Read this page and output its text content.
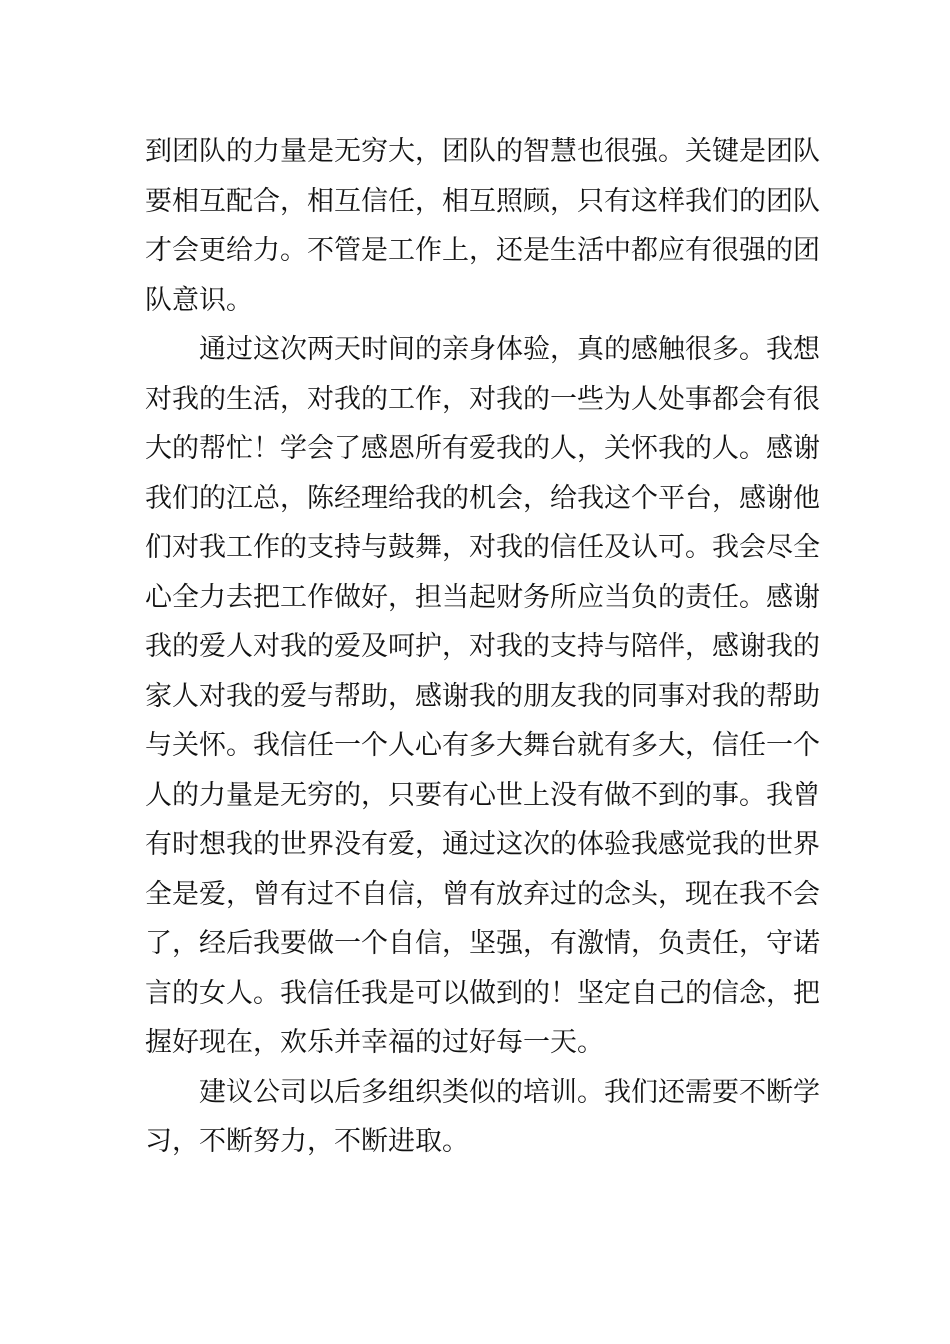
到团队的力量是无穷大，团队的智慧也很强。关键是团队
要相互配合，相互信任，相互照顾，只有这样我们的团队
才会更给力。不管是工作上，还是生活中都应有很强的团
队意识。
通过这次两天时间的亲身体验，真的感触很多。我想
对我的生活，对我的工作，对我的一些为人处事都会有很
大的帮忙！学会了感恩所有爱我的人，关怀我的人。感谢
我们的江总，陈经理给我的机会，给我这个平台，感谢他
们对我工作的支持与鼓舞，对我的信任及认可。我会尽全
心全力去把工作做好，担当起财务所应当负的责任。感谢
我的爱人对我的爱及呵护，对我的支持与陪伴，感谢我的
家人对我的爱与帮助，感谢我的朋友我的同事对我的帮助
与关怀。我信任一个人心有多大舞台就有多大，信任一个
人的力量是无穷的，只要有心世上没有做不到的事。我曾
有时想我的世界没有爱，通过这次的体验我感觉我的世界
全是爱，曾有过不自信，曾有放弃过的念头，现在我不会
了，经后我要做一个自信，坚强，有激情，负责任，守诺
言的女人。我信任我是可以做到的！坚定自己的信念，把
握好现在，欢乐并幸福的过好每一天。
建议公司以后多组织类似的培训。我们还需要不断学
习，不断努力，不断进取。
